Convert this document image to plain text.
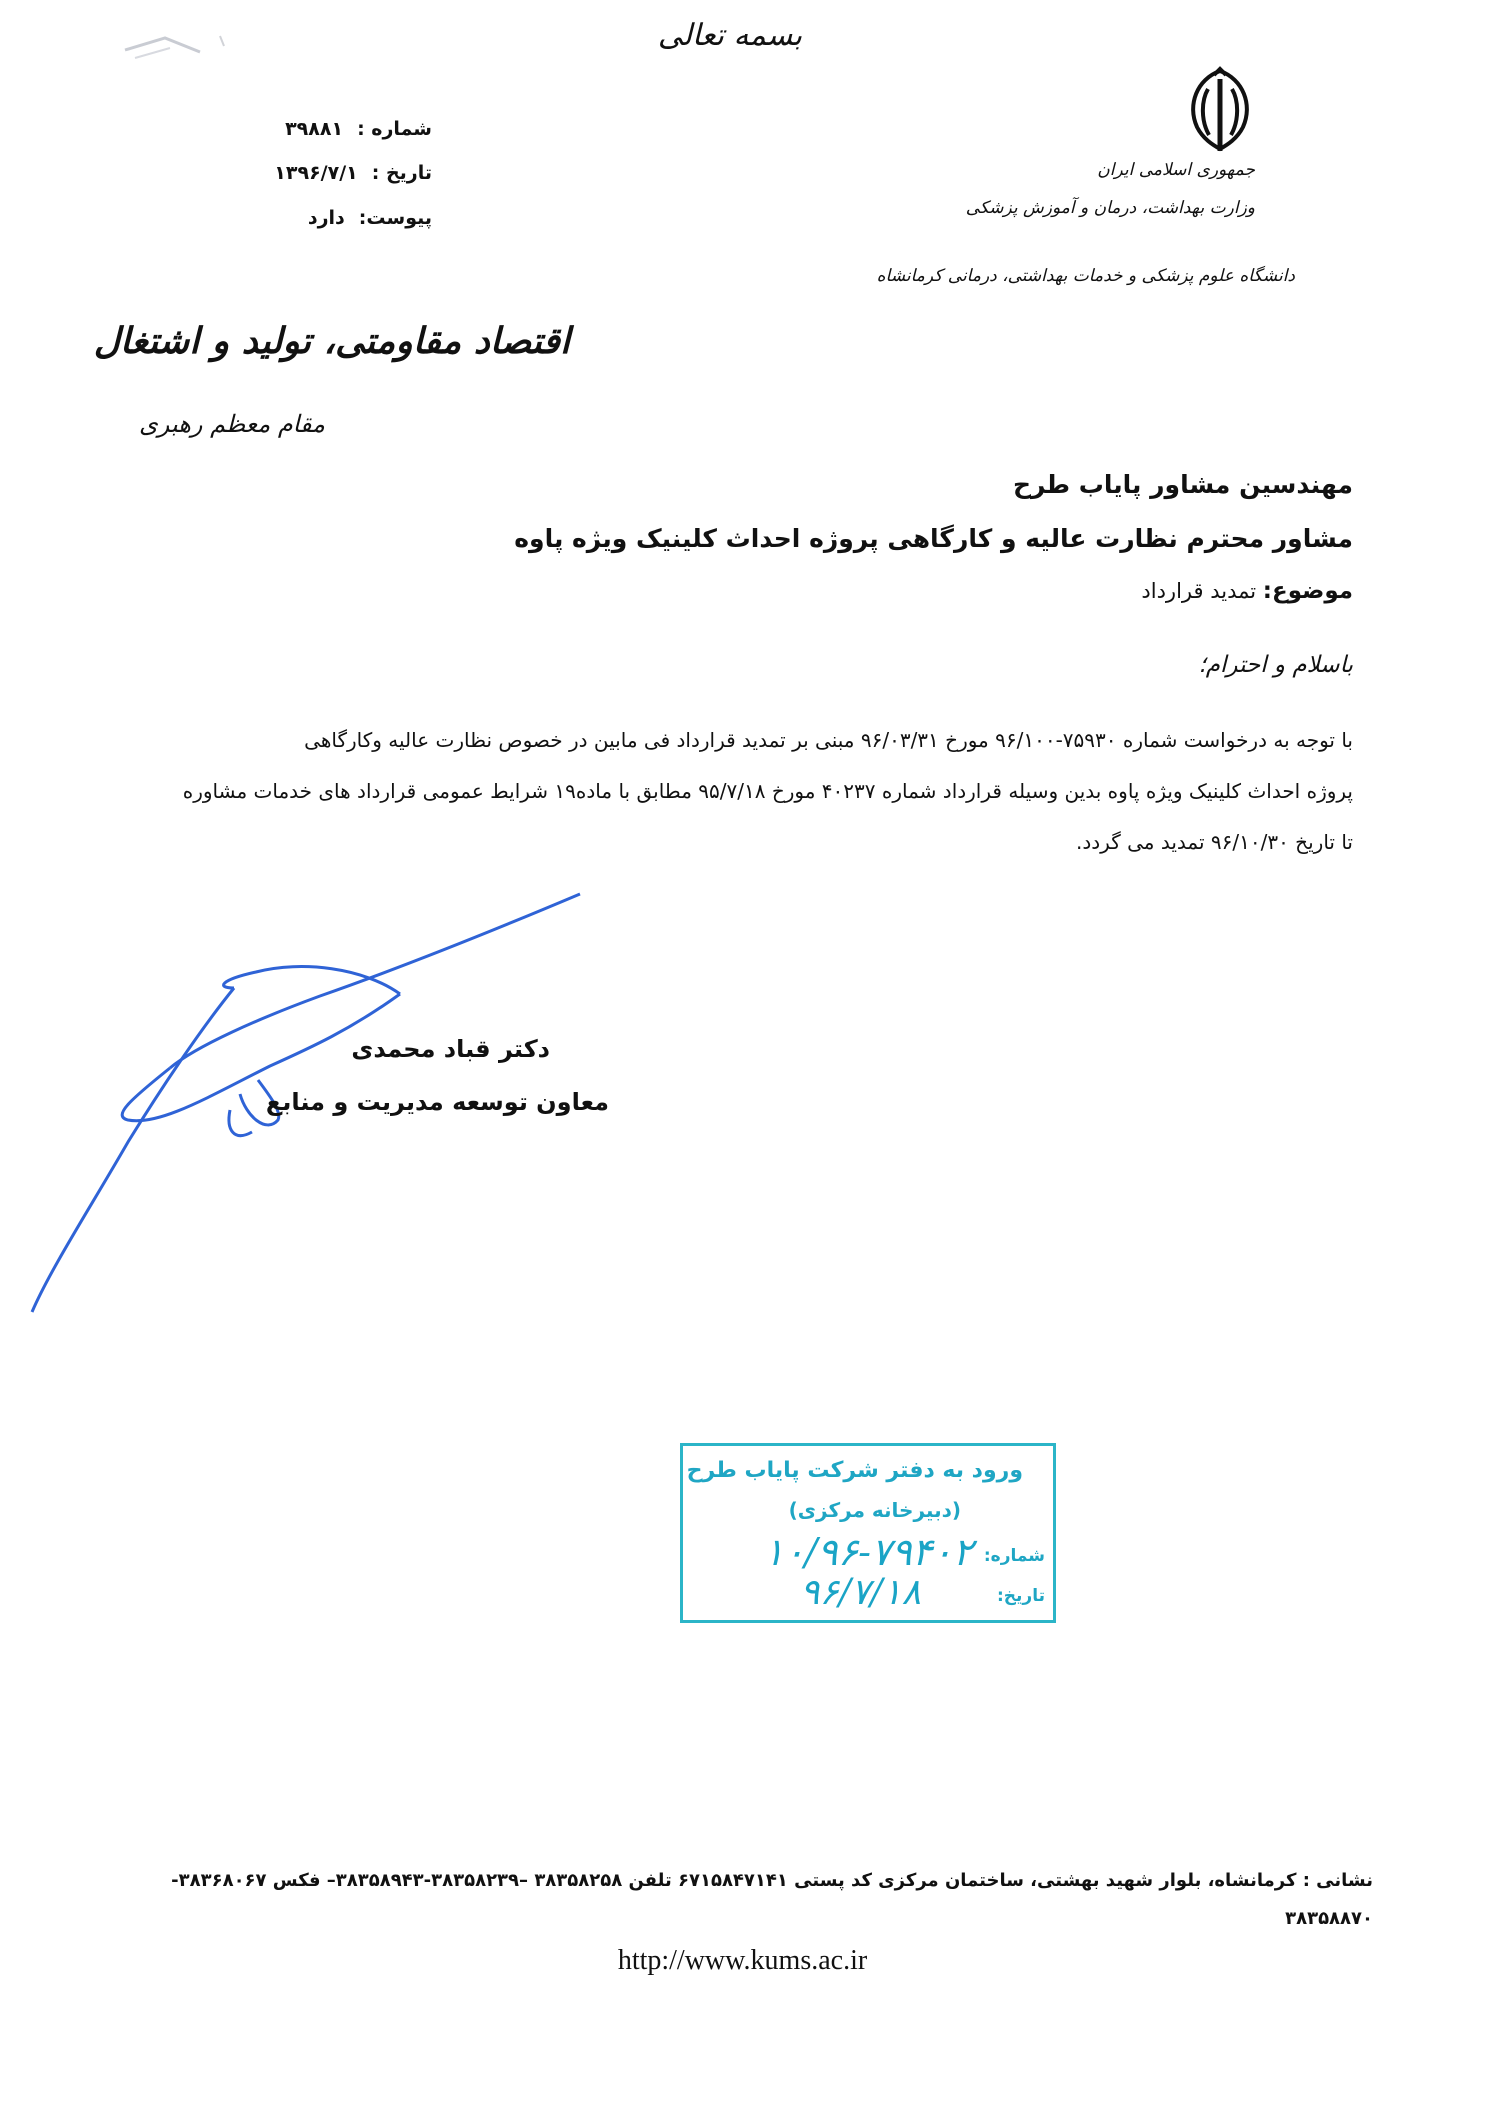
بسمه تعالی
جمهوری اسلامی ایران
وزارت بهداشت، درمان و آموزش پزشکی
دانشگاه علوم پزشکی و خدمات بهداشتی، درمانی کرمانشاه
شماره :
۳۹۸۸۱
تاریخ :
۱۳۹۶/۷/۱
پیوست:
دارد
اقتصاد مقاومتی، تولید و اشتغال
مقام معظم رهبری
مهندسین مشاور پایاب طرح
مشاور محترم نظارت عالیه و کارگاهی پروژه احداث کلینیک ویژه پاوه
موضوع: تمدید قرارداد
باسلام و احترام؛
با توجه به درخواست شماره ۷۵۹۳۰-۹۶/۱۰۰ مورخ ۹۶/۰۳/۳۱ مبنی بر تمدید قرارداد فی مابین در خصوص نظارت عالیه وکارگاهی
پروژه احداث کلینیک ویژه پاوه بدین وسیله قرارداد شماره ۴۰۲۳۷ مورخ ۹۵/۷/۱۸ مطابق با ماده۱۹ شرایط عمومی قرارداد های خدمات مشاوره
تا تاریخ ۹۶/۱۰/۳۰ تمدید می گردد.
دکتر قباد محمدی
معاون توسعه مدیریت و منابع
ورود به دفتر شرکت پایاب طرح
(دبیرخانه مرکزی)
شماره:
۱۰/۹۶-۷۹۴۰۲
تاریخ:
۹۶/۷/۱۸
نشانی : کرمانشاه، بلوار شهید بهشتی، ساختمان مرکزی کد پستی ۶۷۱۵۸۴۷۱۴۱ تلفن ۳۸۳۵۸۲۵۸ –۳۸۳۵۸۲۳۹-۳۸۳۵۸۹۴۳– فکس ۳۸۳۶۸۰۶۷-
۳۸۳۵۸۸۷۰
http://www.kums.ac.ir
